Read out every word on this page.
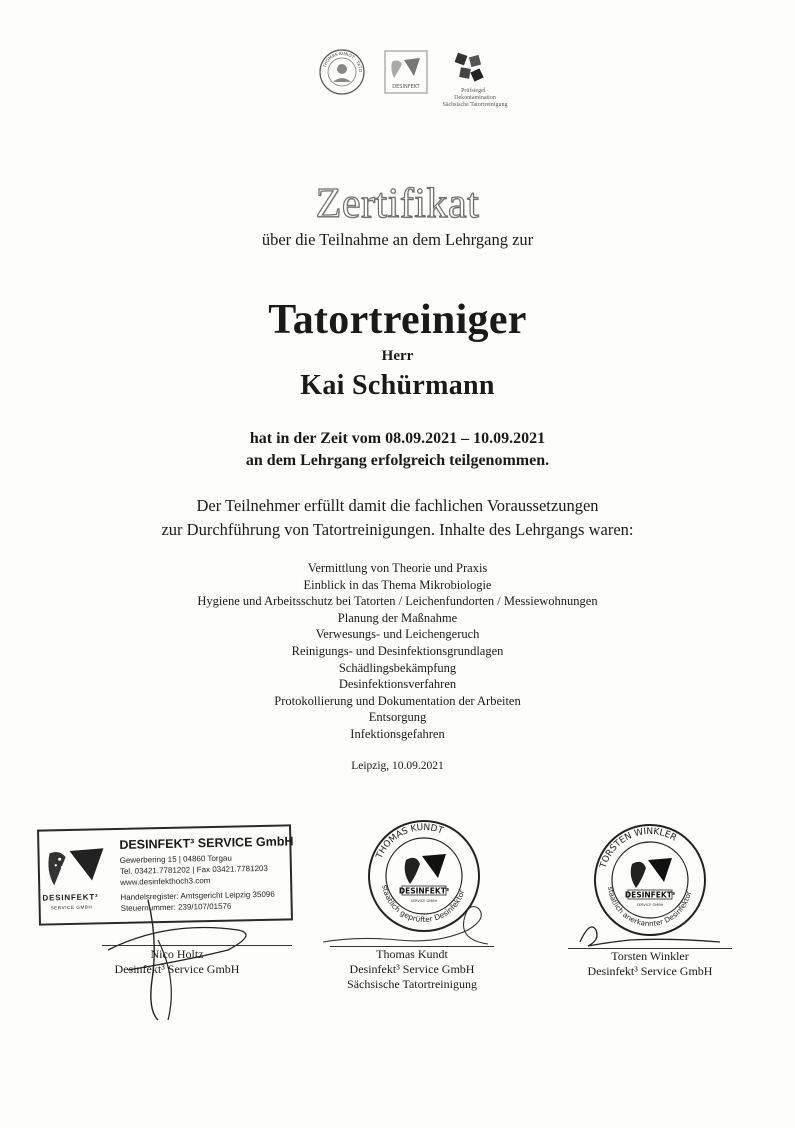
THOMAS KUNDT · TATO
DESINFEKT
Prüfsiegel · Dekontamination
Sächsische Tatortreinigung
Zertifikat
über die Teilnahme an dem Lehrgang zur
Tatortreiniger
Herr
Kai Schürmann
hat in der Zeit vom 08.09.2021 – 10.09.2021
an dem Lehrgang erfolgreich teilgenommen.
Der Teilnehmer erfüllt damit die fachlichen Voraussetzungen
zur Durchführung von Tatortreinigungen. Inhalte des Lehrgangs waren:
Vermittlung von Theorie und Praxis
Einblick in das Thema Mikrobiologie
Hygiene und Arbeitsschutz bei Tatorten / Leichenfundorten / Messiewohnungen
Planung der Maßnahme
Verwesungs- und Leichengeruch
Reinigungs- und Desinfektionsgrundlagen
Schädlingsbekämpfung
Desinfektionsverfahren
Protokollierung und Dokumentation der Arbeiten
Entsorgung
Infektionsgefahren
Leipzig, 10.09.2021
DESINFEKT³
SERVICE GMBH
DESINFEKT³ SERVICE GmbH
Gewerbering 15 | 04860 Torgau
Tel. 03421.7781202 | Fax 03421.7781203
www.desinfekthoch3.com
Handelsregister: Amtsgericht Leipzig 35096
Steuernummer: 239/107/01576
Nico Holtz
Desinfekt³ Service GmbH
DESINFEKT³
SERVICE GMBH
THOMAS KUNDT
staatlich geprüfter Desinfektor
Thomas Kundt
Desinfekt³ Service GmbH
Sächsische Tatortreinigung
DESINFEKT³
SERVICE GMBH
TORSTEN WINKLER
staatlich anerkannter Desinfektor
Torsten Winkler
Desinfekt³ Service GmbH
